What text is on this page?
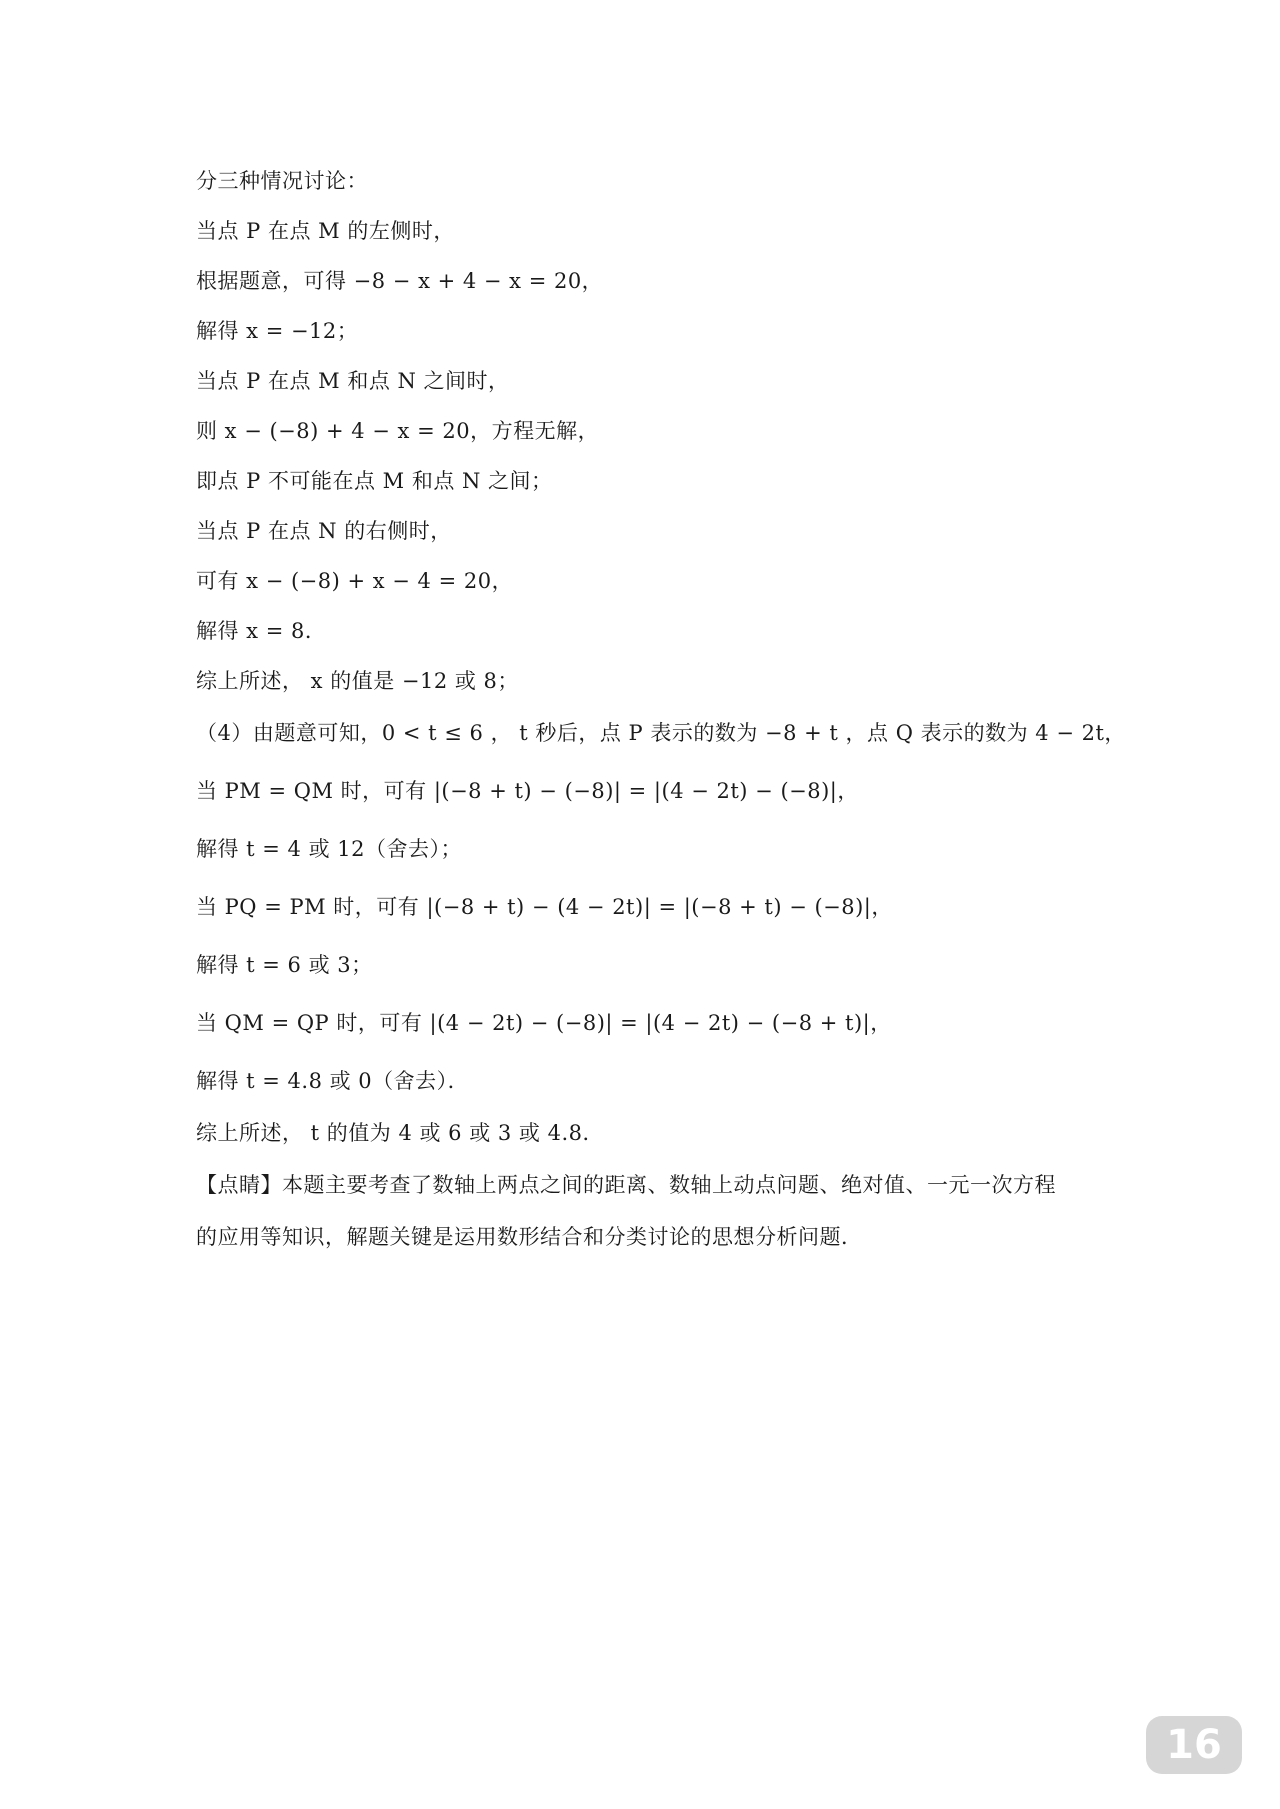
分三种情况讨论：
当点 P 在点 M 的左侧时，
根据题意，可得 −8 − x + 4 − x = 20，
解得 x = −12；
当点 P 在点 M 和点 N 之间时，
则 x − (−8) + 4 − x = 20，方程无解，
即点 P 不可能在点 M 和点 N 之间；
当点 P 在点 N 的右侧时，
可有 x − (−8) + x − 4 = 20，
解得 x = 8．
综上所述， x 的值是 −12 或 8；
（4）由题意可知，0 < t ≤ 6 ， t 秒后，点 P 表示的数为 −8 + t ，点 Q 表示的数为 4 − 2t，
当 PM = QM 时，可有 |(−8 + t) − (−8)| = |(4 − 2t) − (−8)|，
解得 t = 4 或 12（舍去）；
当 PQ = PM 时，可有 |(−8 + t) − (4 − 2t)| = |(−8 + t) − (−8)|，
解得 t = 6 或 3；
当 QM = QP 时，可有 |(4 − 2t) − (−8)| = |(4 − 2t) − (−8 + t)|，
解得 t = 4.8 或 0（舍去）．
综上所述， t 的值为 4 或 6 或 3 或 4.8．
【点睛】本题主要考查了数轴上两点之间的距离、数轴上动点问题、绝对值、一元一次方程
的应用等知识，解题关键是运用数形结合和分类讨论的思想分析问题．
16
